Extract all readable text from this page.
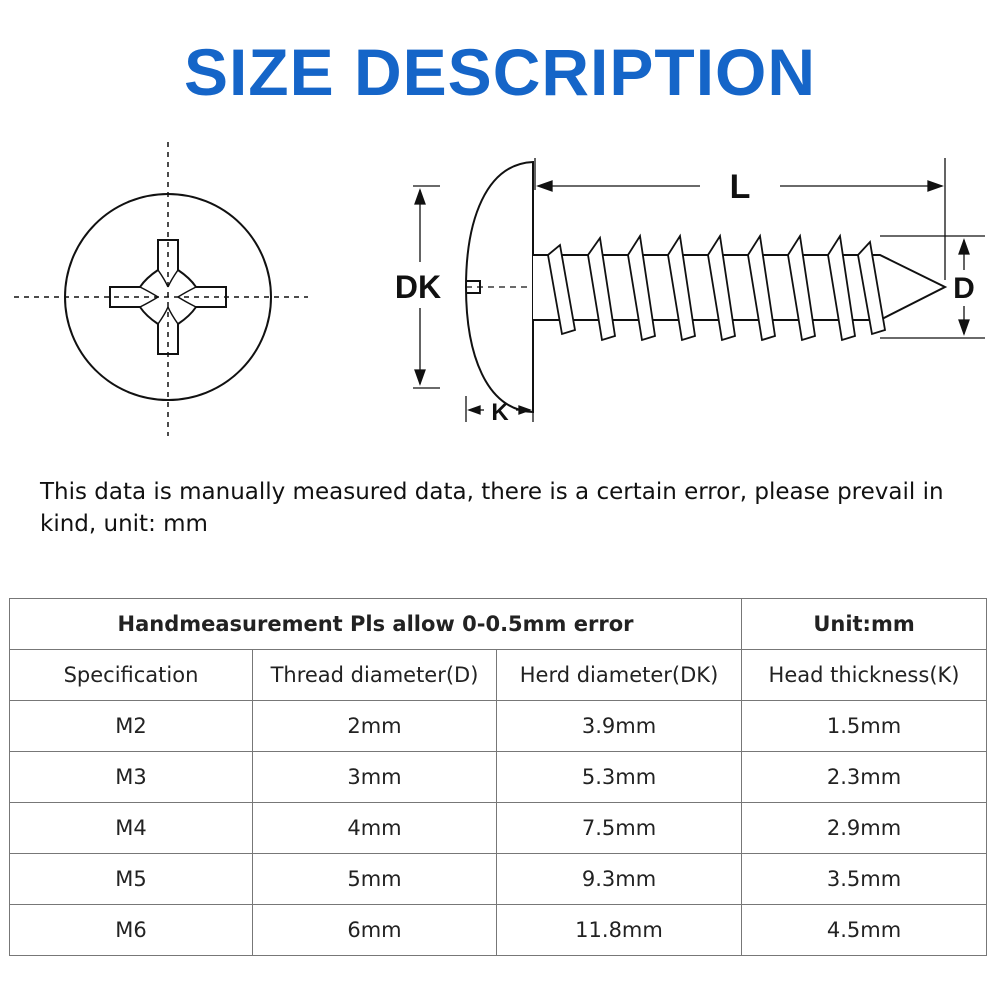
SIZE DESCRIPTION
L
D
DK
K

This data is manually measured data, there is a certain error, please prevail in kind, unit: mm

Handmeasurement Pls allow 0-0.5mm error			Unit:mm
Specification	Thread diameter(D)	Herd diameter(DK)	Head thickness(K)
M2	2mm	3.9mm	1.5mm
M3	3mm	5.3mm	2.3mm
M4	4mm	7.5mm	2.9mm
M5	5mm	9.3mm	3.5mm
M6	6mm	11.8mm	4.5mm
